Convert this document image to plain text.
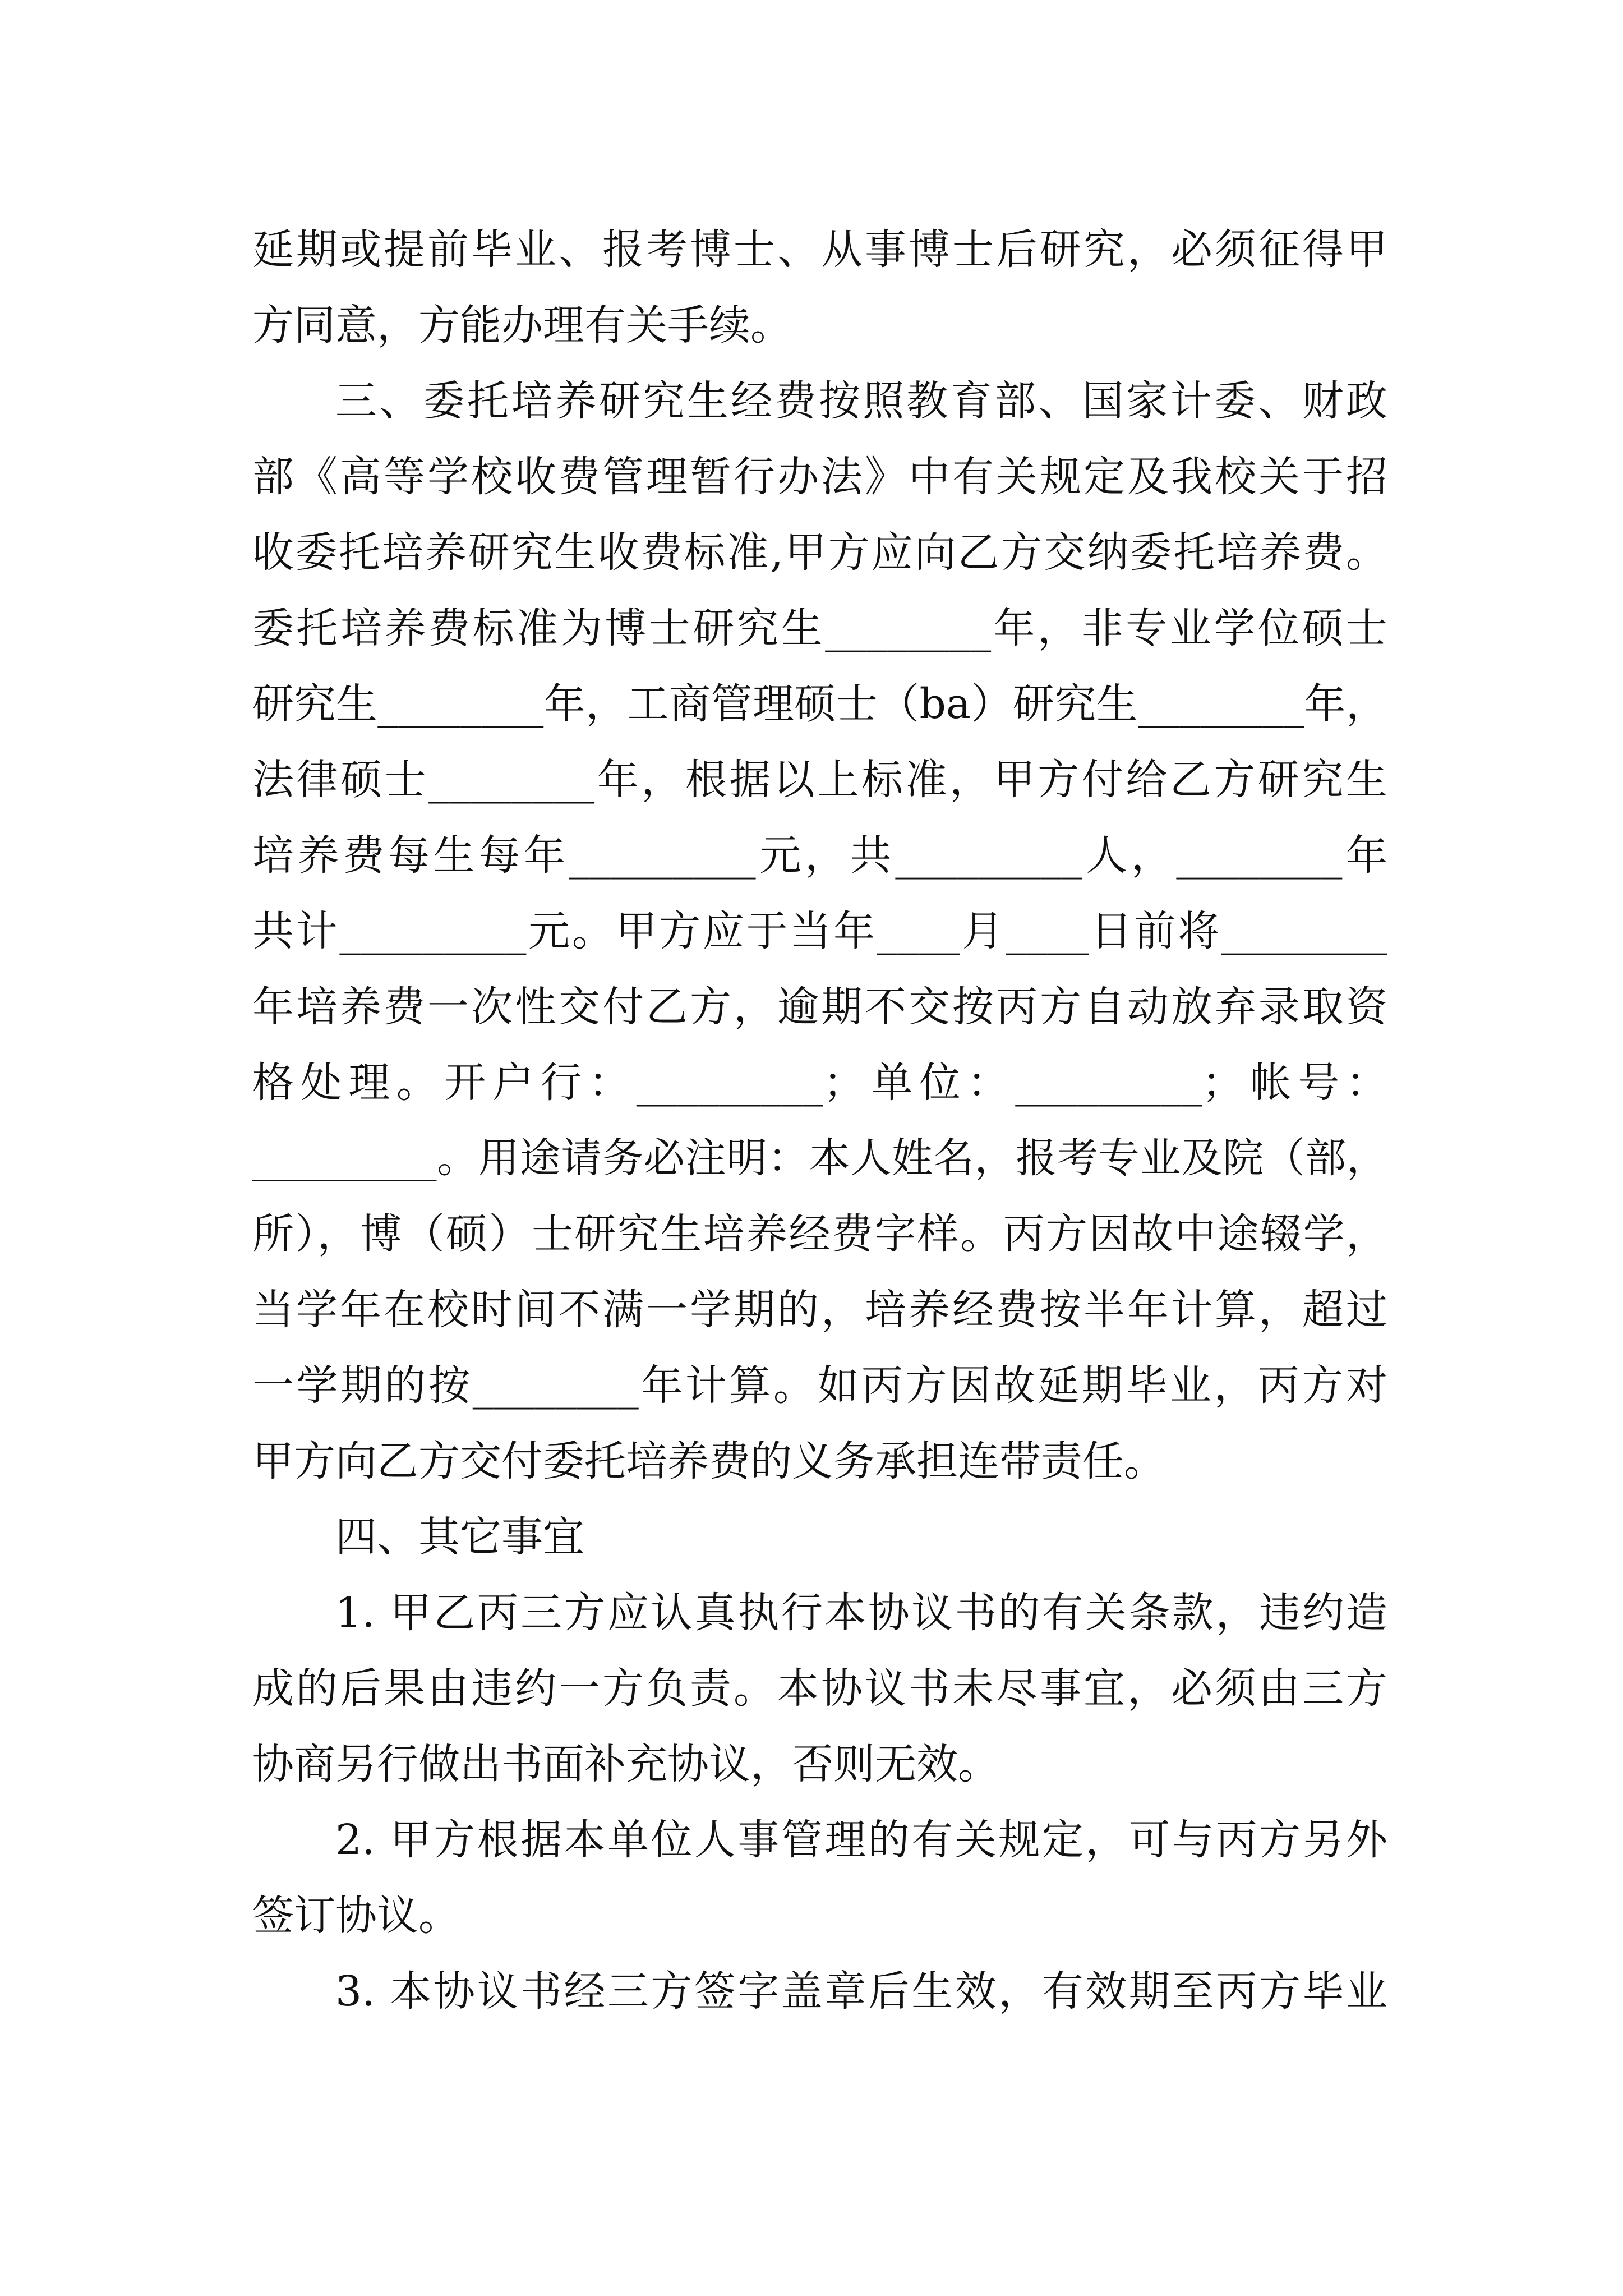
延期或提前毕业、报考博士、从事博士后研究，必须征得甲
方同意，方能办理有关手续。
三、委托培养研究生经费按照教育部、国家计委、财政
部《高等学校收费管理暂行办法》中有关规定及我校关于招
收委托培养研究生收费标准,甲方应向乙方交纳委托培养费。
委托培养费标准为博士研究生________年，非专业学位硕士
研究生________年，工商管理硕士（ba）研究生________年，
法律硕士________年，根据以上标准，甲方付给乙方研究生
培养费每生每年_________元，共_________人，________年
共计_________元。甲方应于当年____月____日前将________
年培养费一次性交付乙方，逾期不交按丙方自动放弃录取资
格处理。开户行：_________；单位：_________；帐号：
_________。用途请务必注明：本人姓名，报考专业及院（部，
所），博（硕）士研究生培养经费字样。丙方因故中途辍学，
当学年在校时间不满一学期的，培养经费按半年计算，超过
一学期的按________年计算。如丙方因故延期毕业，丙方对
甲方向乙方交付委托培养费的义务承担连带责任。
四、其它事宜
1. 甲乙丙三方应认真执行本协议书的有关条款，违约造
成的后果由违约一方负责。本协议书未尽事宜，必须由三方
协商另行做出书面补充协议，否则无效。
2. 甲方根据本单位人事管理的有关规定，可与丙方另外
签订协议。
3. 本协议书经三方签字盖章后生效，有效期至丙方毕业
